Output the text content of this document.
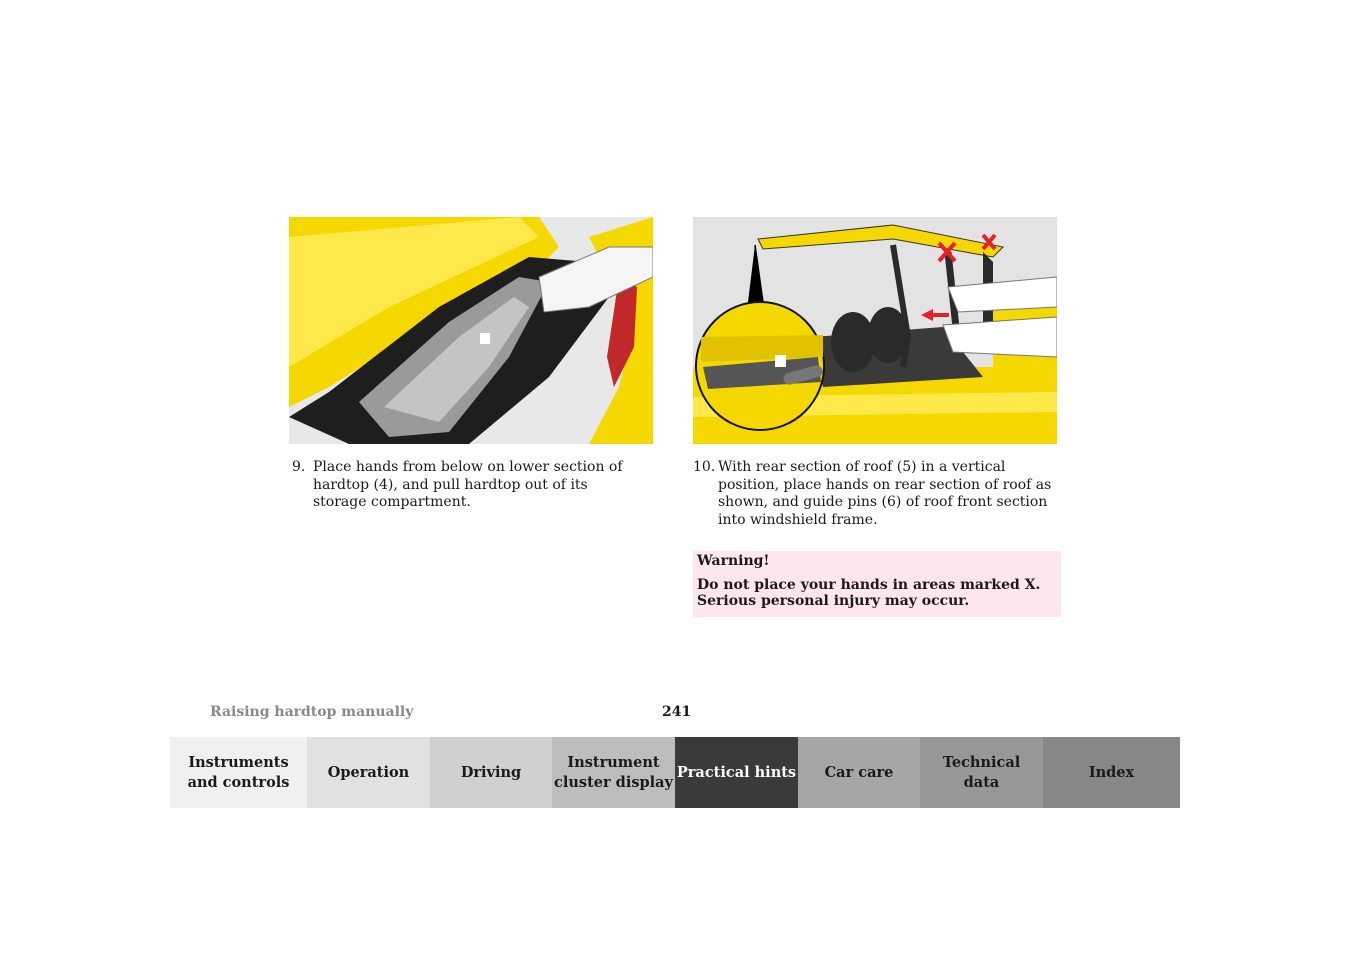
9. Place hands from below on lower section of hardtop (4), and pull hardtop out of its storage compartment.
10. With rear section of roof (5) in a vertical position, place hands on rear section of roof as shown, and guide pins (6) of roof front section into windshield frame.

Warning!

Do not place your hands in areas marked X. Serious personal injury may occur.

Raising hardtop manually	241
Instruments
and controls
Operation	Driving
Instrument
cluster display
Practical hints	Car care
Technical
data
Index
